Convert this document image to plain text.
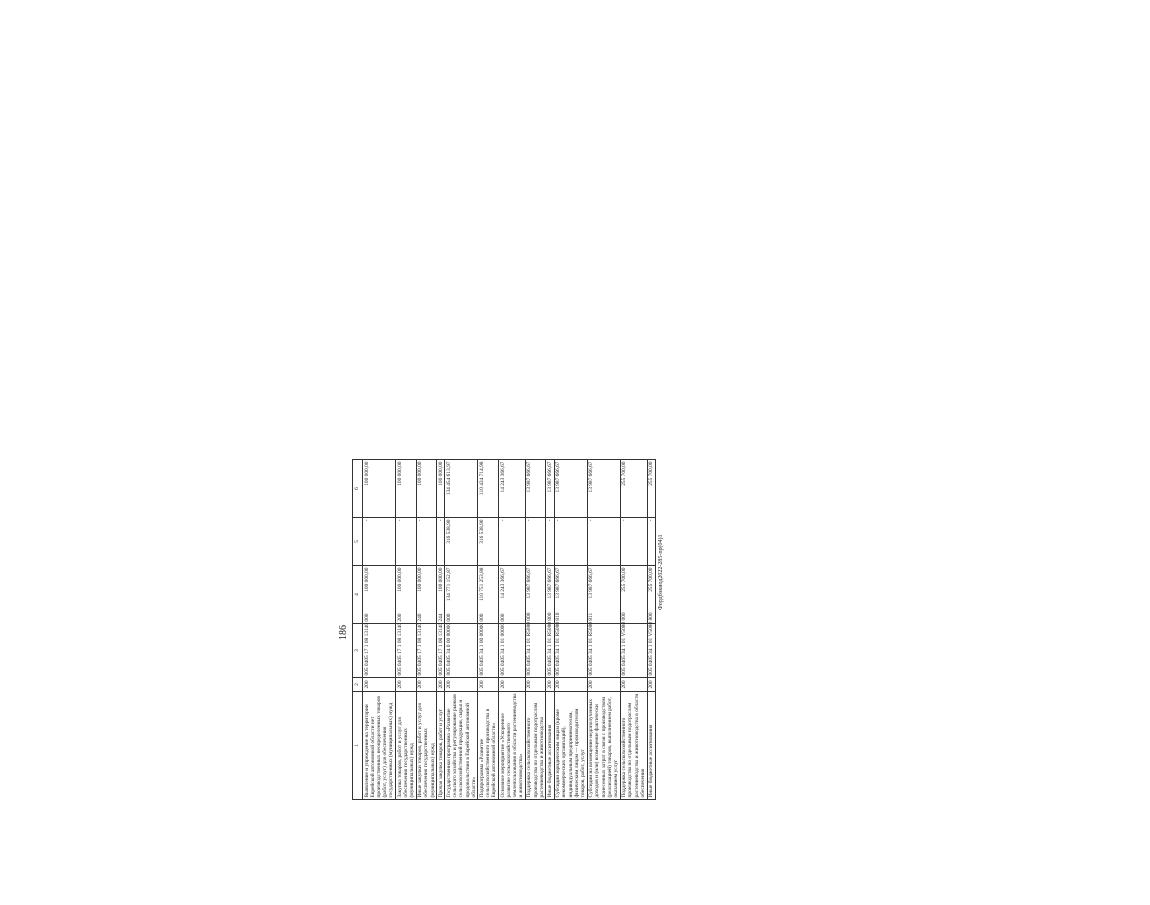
186
1	2	3	4	5	6
Выявление и упреждение на территории Еврейской автономной области нет производственных неопределенных товаров (работ, услуг) для обеспечения государственных (муниципальных) нужд	200	005 0405 17 1 08 13140 000	100 000,00	-	100 000,00
Закупка товаров, работ и услуг для обеспечения государственных (муниципальных) нужд	200	005 0405 17 1 08 13140 200	100 000,00	-	100 000,00
Иные закупки товаров, работ и услуг для обеспечения государственных (муниципальных) нужд	200	005 0405 17 1 08 13140 240	100 000,00	-	100 000,00
Прочая закупка товаров, работ и услуг	200	005 0405 17 1 08 13140 244	100 000,00	-	100 000,00
Государственная программа «Развитие сельского хозяйства и регулирование рынков сельскохозяйственной продукции, сырья и продовольствия в Еврейской автономной области»	200	005 0405 34 0 00 00000 000	134 771 152,87	316 538,90	134 454 613,97
Подпрограмма «Развитие сельскохозяйственного производства в Еврейской автономной области»	200	005 0405 34 1 00 00000 000	110 751 253,88	316 538,90	110 434 714,98
Основное мероприятие «Ускоренное развитие сельскохозяйственного землепользования в области растениеводства и животноводства»	200	005 0405 34 1 01 00000 000	14 243 366,67	-	14 243 366,67
Поддержка сельскохозяйственного производства по отдельным подотраслям растениеводства и животноводства	200	005 0405 34 1 01 R5080 000	13 987 666,67	-	13 987 666,67
Иные бюджетные ассигнования	200	005 0405 34 1 01 R5080 800	13 987 666,67	-	13 987 666,67
Субсидии юридическим лицам (кроме некоммерческих организаций), индивидуальным предпринимателям, физическим лицам — производителям товаров, работ, услуг	200	005 0405 34 1 01 R5080 810	13 987 666,67	-	13 987 666,67
Субсидии на возмещение недополученных доходов и (или) возмещение фактически понесенных затрат в связи с производством (реализацией) товаров, выполнением работ, оказанием услуг	200	005 0405 34 1 01 R5080 811	13 987 666,67	-	13 987 666,67
Поддержка сельскохозяйственного производства по отдельным подотраслям растениеводства и животноводства в области обеспечения	200	005 0405 34 1 01 V5080 000	255 700,00	-	255 700,00
Иные бюджетные ассигнования	200	005 0405 34 1 01 V5080 800	255 700,00	-	255 700,00
Фордбэкиод2022-285-пр(04)1
